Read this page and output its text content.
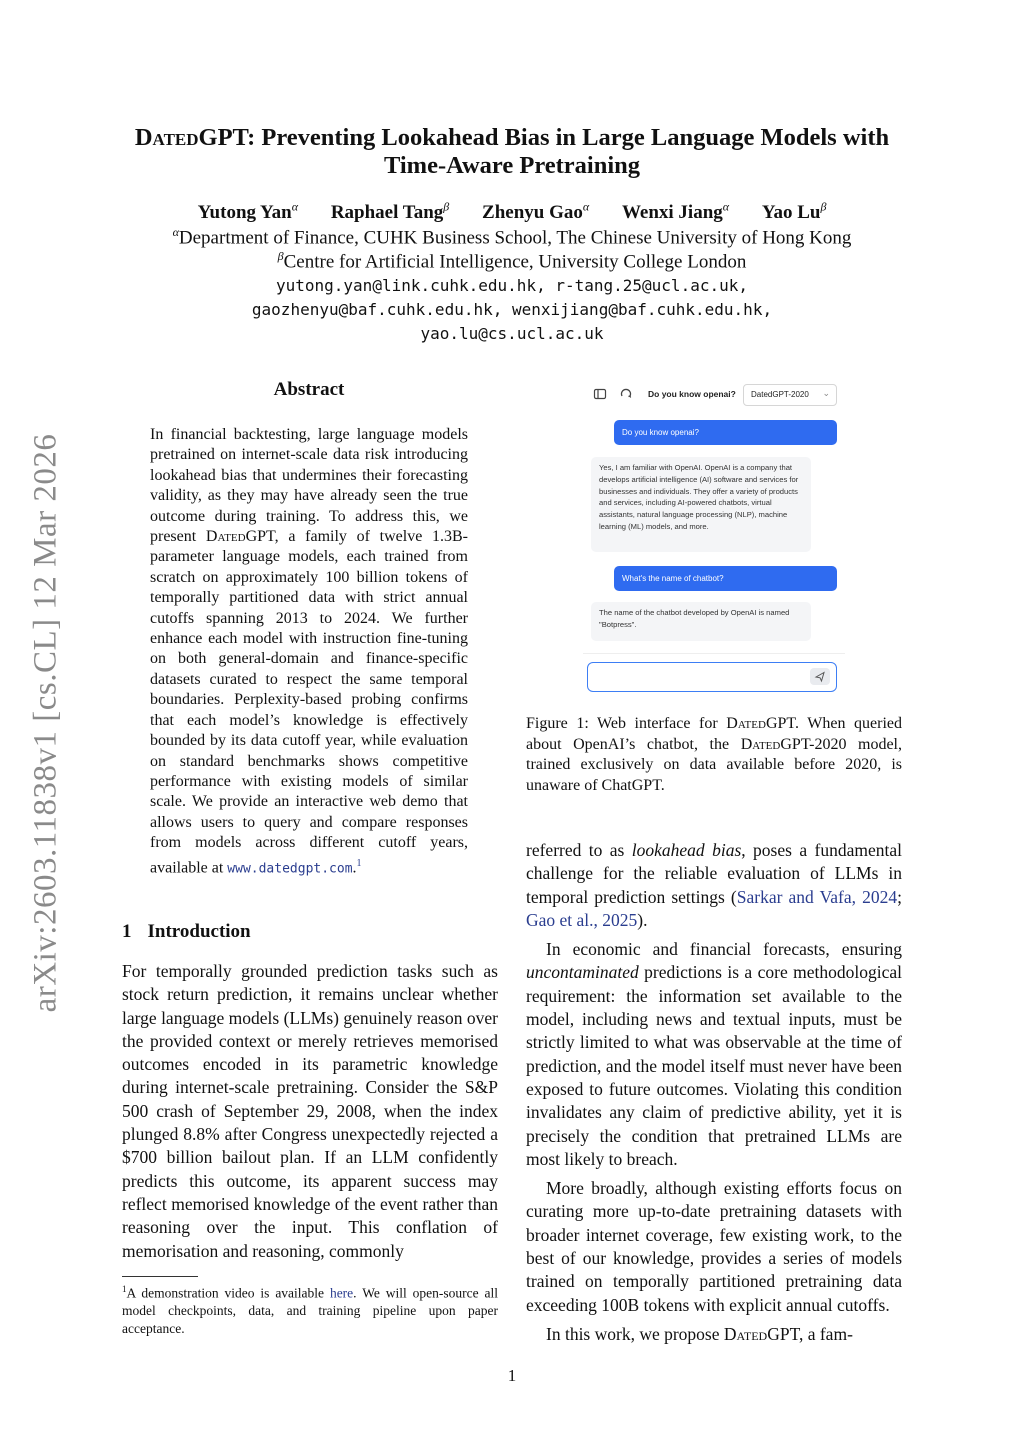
arXiv:2603.11838v1 [cs.CL] 12 Mar 2026
DatedGPT: Preventing Lookahead Bias in Large Language Models with
Time-Aware Pretraining
Yutong Yan$^\alpha$ Raphael Tang$^\beta$ Zhenyu Gao$^\alpha$ Wenxi Jiang$^\alpha$ Yao $Lu^\beta$
$^\alpha$Department of Finance, CUHK Business School, The Chinese University of Hong Kong
$^\beta$Centre for Artificial Intelligence, University College London
yutong.yan@link.cuhk.edu.hk, r-tang.25@ucl.ac.uk,
gaozhenyu@baf.cuhk.edu.hk, wenxijiang@baf.cuhk.edu.hk,
yao.lu@cs.ucl.ac.uk
Abstract
In financial backtesting, large language models pretrained on internet-scale data risk introducing lookahead bias that undermines their forecasting validity, as they may have already seen the true outcome during training. To address this, we present DatedGPT, a family of twelve 1.3B-parameter language models, each trained from scratch on approximately 100 billion tokens of temporally partitioned data with strict annual cutoffs spanning 2013 to 2024. We further enhance each model with instruction fine-tuning on both general-domain and finance-specific datasets curated to respect the same temporal boundaries. Perplexity-based probing confirms that each model’s knowledge is effectively bounded by its data cutoff year, while evaluation on standard benchmarks shows competitive performance with existing models of similar scale. We provide an interactive web demo that allows users to query and compare responses from models across different cutoff years, available at www.datedgpt.com.$^1$
1 Introduction
For temporally grounded prediction tasks such as stock return prediction, it remains unclear whether large language models (LLMs) genuinely reason over the provided context or merely retrieves memorised outcomes encoded in its parametric knowledge during internet-scale pretraining. Consider the S&P 500 crash of September 29, 2008, when the index plunged 8.8% after Congress unexpectedly rejected a $700 billion bailout plan. If an LLM confidently predicts this outcome, its apparent success may reflect memorised knowledge of the event rather than reasoning over the input. This conflation of memorisation and reasoning, commonly
$^1$A demonstration video is available here. We will open-source all model checkpoints, data, and training pipeline upon paper acceptance.
Do you know openai? DatedGPT-2020 ⌄
Do you know openai?
Yes, I am familiar with OpenAI. OpenAI is a company that develops artificial intelligence (AI) software and services for businesses and individuals. They offer a variety of products and services, including AI-powered chatbots, virtual assistants, natural language processing (NLP), machine learning (ML) models, and more.
What's the name of chatbot?
The name of the chatbot developed by OpenAI is named "Botpress".
Figure 1: Web interface for DatedGPT. When queried about OpenAI’s chatbot, the DatedGPT-2020 model, trained exclusively on data available before 2020, is unaware of ChatGPT.

referred to as lookahead bias, poses a fundamental challenge for the reliable evaluation of LLMs in temporal prediction settings (Sarkar and Vafa, 2024; Gao et al., 2025).

In economic and financial forecasts, ensuring uncontaminated predictions is a core methodological requirement: the information set available to the model, including news and textual inputs, must be strictly limited to what was observable at the time of prediction, and the model itself must never have been exposed to future outcomes. Violating this condition invalidates any claim of predictive ability, yet it is precisely the condition that pretrained LLMs are most likely to breach.

More broadly, although existing efforts focus on curating more up-to-date pretraining datasets with broader internet coverage, few existing work, to the best of our knowledge, provides a series of models trained on temporally partitioned pretraining data exceeding 100B tokens with explicit annual cutoffs.

In this work, we propose DatedGPT, a fam-

1
